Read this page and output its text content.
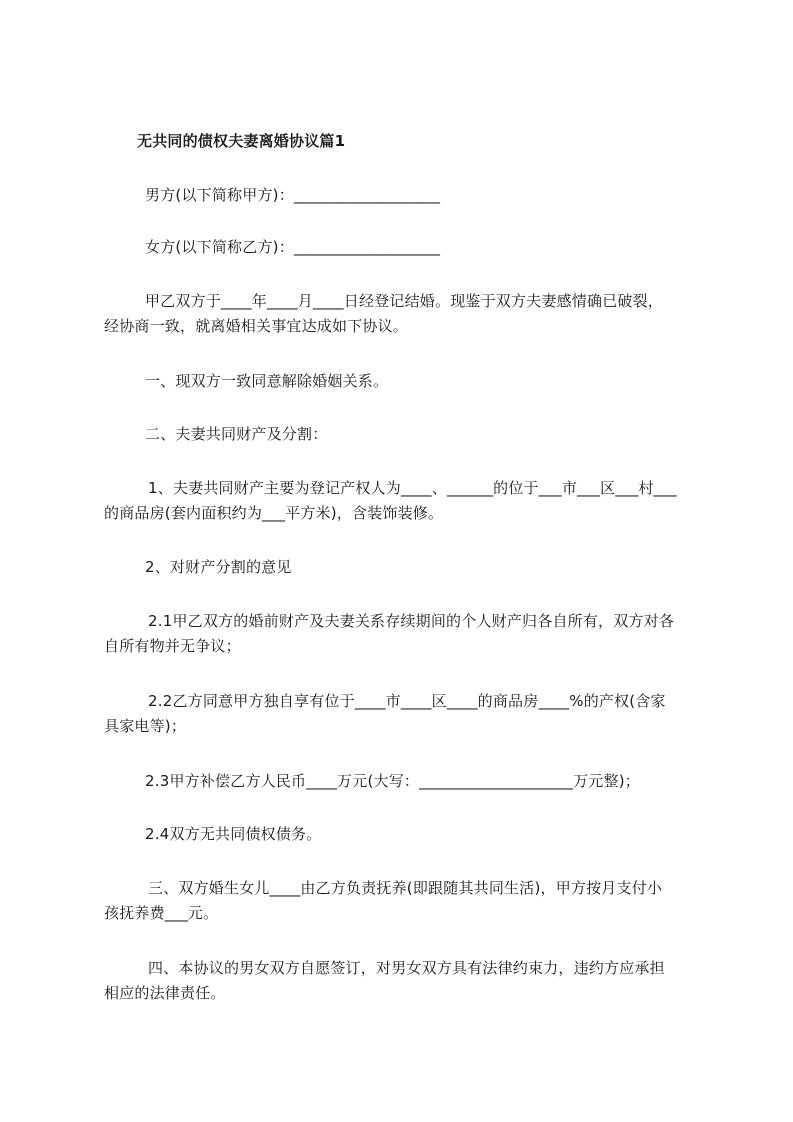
无共同的债权夫妻离婚协议篇1
男方(以下简称甲方)：___________________
女方(以下简称乙方)：___________________
甲乙双方于____年____月____日经登记结婚。现鉴于双方夫妻感情确已破裂，
经协商一致，就离婚相关事宜达成如下协议。
一、现双方一致同意解除婚姻关系。
二、夫妻共同财产及分割：
1、夫妻共同财产主要为登记产权人为____、______的位于___市___区___村___
的商品房(套内面积约为___平方米)，含装饰装修。
2、对财产分割的意见
2.1甲乙双方的婚前财产及夫妻关系存续期间的个人财产归各自所有，双方对各
自所有物并无争议；
2.2乙方同意甲方独自享有位于____市____区____的商品房____%的产权(含家
具家电等)；
2.3甲方补偿乙方人民币____万元(大写：____________________万元整)；
2.4双方无共同债权债务。
三、双方婚生女儿____由乙方负责抚养(即跟随其共同生活)，甲方按月支付小
孩抚养费___元。
四、本协议的男女双方自愿签订，对男女双方具有法律约束力，违约方应承担
相应的法律责任。
